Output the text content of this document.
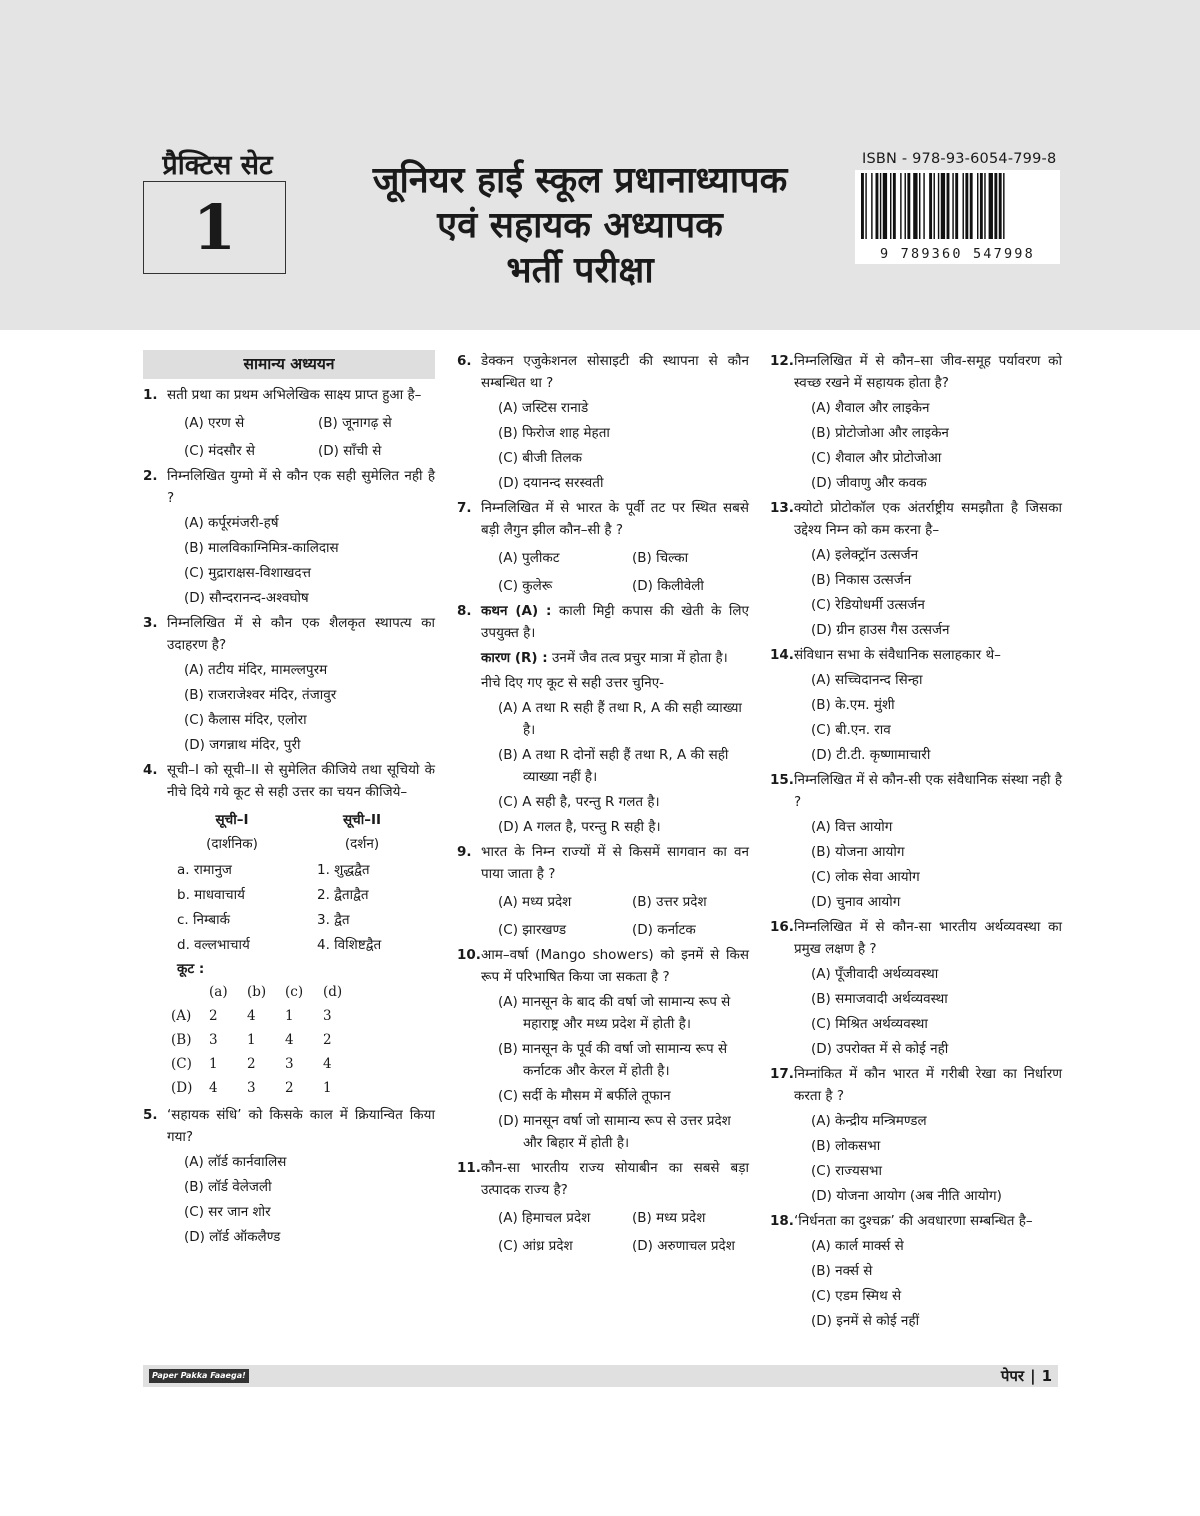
प्रैक्टिस सेट
1
जूनियर हाई स्कूल प्रधानाध्यापक
एवं सहायक अध्यापक
भर्ती परीक्षा
ISBN - 978-93-6054-799-8
9 789360 547998
सामान्य अध्ययन
1. सती प्रथा का प्रथम अभिलेखिक साक्ष्य प्राप्त हुआ है–
(A) एरण से	(B) जूनागढ़ से
(C) मंदसौर से	(D) साँची से
2. निम्नलिखित युग्मो में से कौन एक सही सुमेलित नही है ?
(A) कर्पूरमंजरी-हर्ष
(B) मालविकाग्निमित्र-कालिदास
(C) मुद्राराक्षस-विशाखदत्त
(D) सौन्दरानन्द-अश्वघोष
3. निम्नलिखित में से कौन एक शैलकृत स्थापत्य का उदाहरण है?
(A) तटीय मंदिर, मामल्लपुरम
(B) राजराजेश्वर मंदिर, तंजावुर
(C) कैलास मंदिर, एलोरा
(D) जगन्नाथ मंदिर, पुरी
4. सूची–I को सूची–II से सुमेलित कीजिये तथा सूचियो के नीचे दिये गये कूट से सही उत्तर का चयन कीजिये–
सूची–I	सूची–II
(दार्शनिक)	(दर्शन)
a. रामानुज	1. शुद्धद्वैत
b. माधवाचार्य	2. द्वैताद्वैत
c. निम्बार्क	3. द्वैत
d. वल्लभाचार्य	4. विशिष्टद्वैत
कूट :
	(a)	(b)	(c)	(d)
(A)	2	4	1	3
(B)	3	1	4	2
(C)	1	2	3	4
(D)	4	3	2	1
5. ‘सहायक संधि’ को किसके काल में क्रियान्वित किया गया?
(A) लॉर्ड कार्नवालिस
(B) लॉर्ड वेलेजली
(C) सर जान शोर
(D) लॉर्ड ऑकलैण्ड
6. डेक्कन एजुकेशनल सोसाइटी की स्थापना से कौन सम्बन्धित था ?
(A) जस्टिस रानाडे
(B) फिरोज शाह मेहता
(C) बीजी तिलक
(D) दयानन्द सरस्वती
7. निम्नलिखित में से भारत के पूर्वी तट पर स्थित सबसे बड़ी लैगुन झील कौन–सी है ?
(A) पुलीकट	(B) चिल्का
(C) कुलेरू	(D) किलीवेली
8. कथन (A) : काली मिट्टी कपास की खेती के लिए उपयुक्त है।
कारण (R) : उनमें जैव तत्व प्रचुर मात्रा में होता है।
नीचे दिए गए कूट से सही उत्तर चुनिए-
(A) A तथा R सही हैं तथा R, A की सही व्याख्या है।
(B) A तथा R दोनों सही हैं तथा R, A की सही व्याख्या नहीं है।
(C) A सही है, परन्तु R गलत है।
(D) A गलत है, परन्तु R सही है।
9. भारत के निम्न राज्यों में से किसमें सागवान का वन पाया जाता है ?
(A) मध्य प्रदेश	(B) उत्तर प्रदेश
(C) झारखण्ड	(D) कर्नाटक
10. आम–वर्षा (Mango showers) को इनमें से किस रूप में परिभाषित किया जा सकता है ?
(A) मानसून के बाद की वर्षा जो सामान्य रूप से महाराष्ट्र और मध्य प्रदेश में होती है।
(B) मानसून के पूर्व की वर्षा जो सामान्य रूप से कर्नाटक और केरल में होती है।
(C) सर्दी के मौसम में बर्फीले तूफान
(D) मानसून वर्षा जो सामान्य रूप से उत्तर प्रदेश और बिहार में होती है।
11. कौन-सा भारतीय राज्य सोयाबीन का सबसे बड़ा उत्पादक राज्य है?
(A) हिमाचल प्रदेश	(B) मध्य प्रदेश
(C) आंध्र प्रदेश	(D) अरुणाचल प्रदेश
12. निम्नलिखित में से कौन–सा जीव-समूह पर्यावरण को स्वच्छ रखने में सहायक होता है?
(A) शैवाल और लाइकेन
(B) प्रोटोजोआ और लाइकेन
(C) शैवाल और प्रोटोजोआ
(D) जीवाणु और कवक
13. क्योटो प्रोटोकॉल एक अंतर्राष्ट्रीय समझौता है जिसका उद्देश्य निम्न को कम करना है–
(A) इलेक्ट्रॉन उत्सर्जन
(B) निकास उत्सर्जन
(C) रेडियोधर्मी उत्सर्जन
(D) ग्रीन हाउस गैस उत्सर्जन
14. संविधान सभा के संवैधानिक सलाहकार थे–
(A) सच्चिदानन्द सिन्हा
(B) के.एम. मुंशी
(C) बी.एन. राव
(D) टी.टी. कृष्णामाचारी
15. निम्नलिखित में से कौन-सी एक संवैधानिक संस्था नही है ?
(A) वित्त आयोग
(B) योजना आयोग
(C) लोक सेवा आयोग
(D) चुनाव आयोग
16. निम्नलिखित में से कौन-सा भारतीय अर्थव्यवस्था का प्रमुख लक्षण है ?
(A) पूँजीवादी अर्थव्यवस्था
(B) समाजवादी अर्थव्यवस्था
(C) मिश्रित अर्थव्यवस्था
(D) उपरोक्त में से कोई नही
17. निम्नांकित में कौन भारत में गरीबी रेखा का निर्धारण करता है ?
(A) केन्द्रीय मन्त्रिमण्डल
(B) लोकसभा
(C) राज्यसभा
(D) योजना आयोग (अब नीति आयोग)
18. ‘निर्धनता का दुश्चक्र’ की अवधारणा सम्बन्धित है–
(A) कार्ल मार्क्स से
(B) नर्क्स से
(C) एडम स्मिथ से
(D) इनमें से कोई नहीं
Paper Pakka Faaega!	पेपर | 1
